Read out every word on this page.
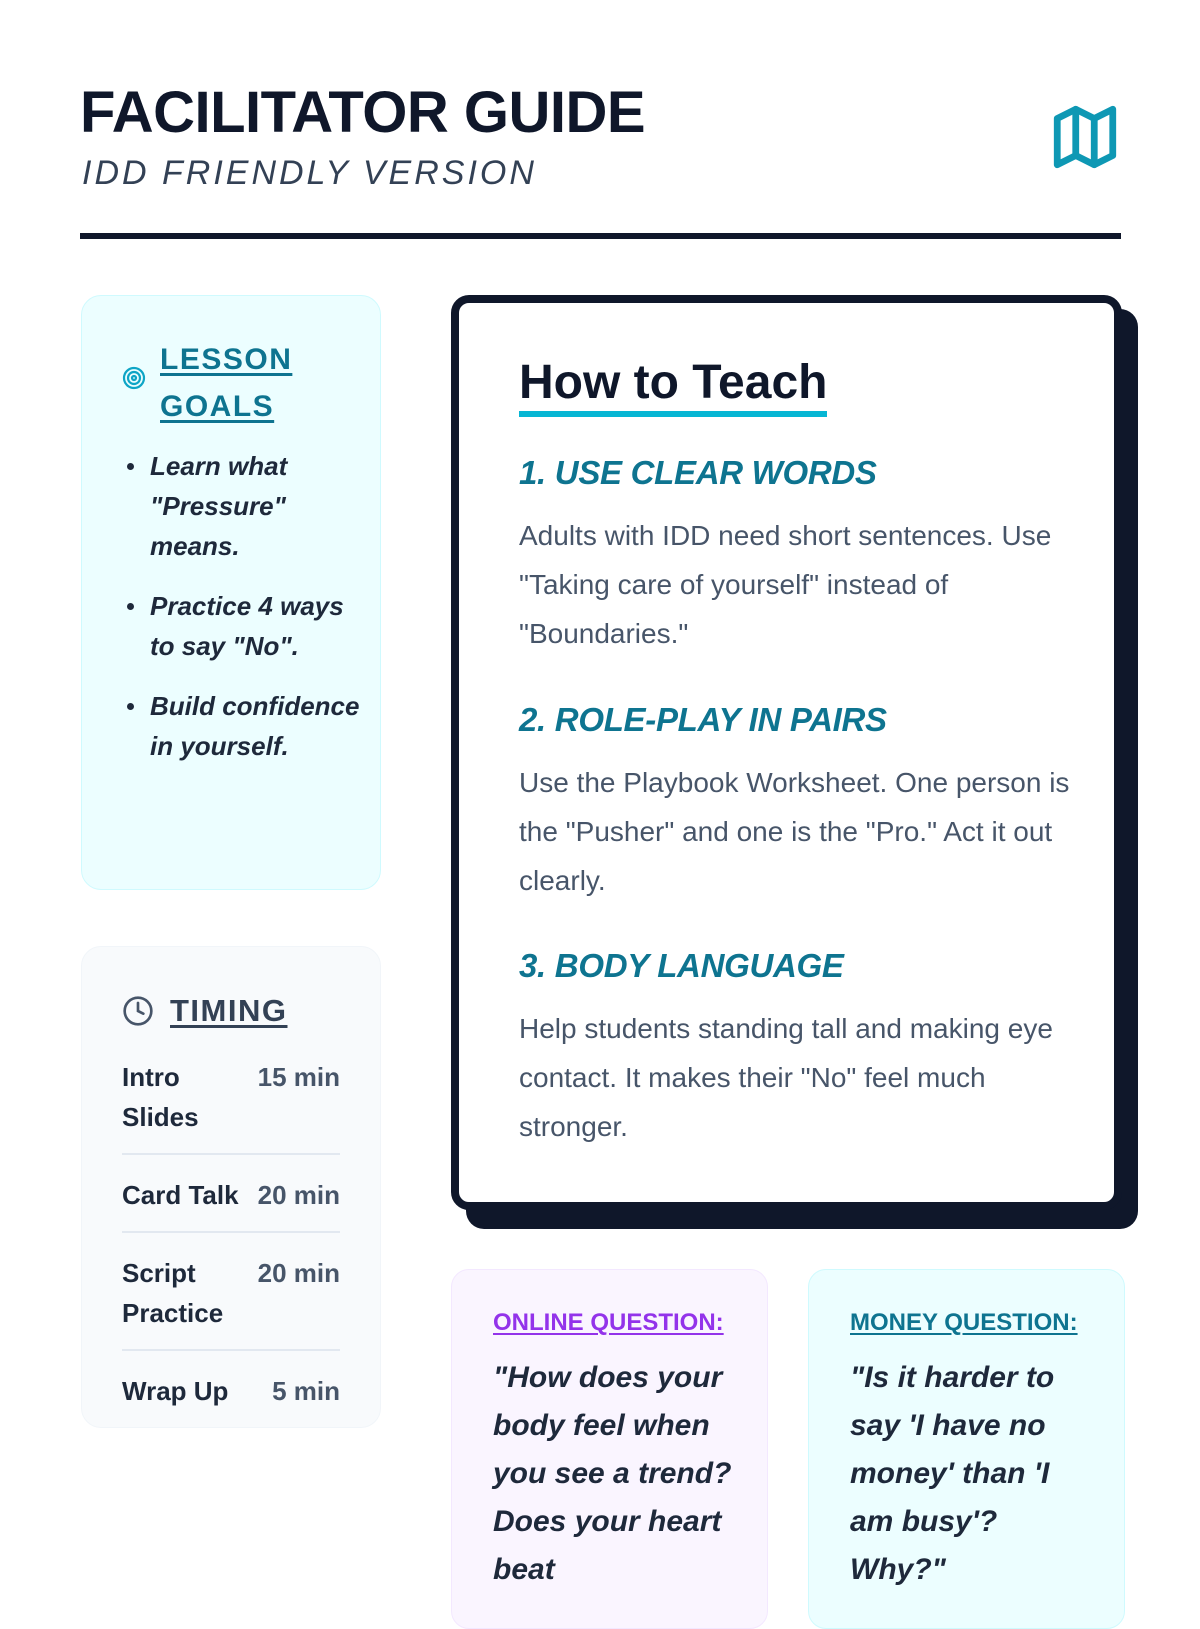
FACILITATOR GUIDE
IDD FRIENDLY VERSION
LESSON GOALS
Learn what "Pressure" means.
Practice 4 ways to say "No".
Build confidence in yourself.
TIMING
Intro Slides
15 min
Card Talk 20 min
Script Practice
20 min
Wrap Up 5 min
How to Teach
1. USE CLEAR WORDS

Adults with IDD need short sentences. Use "Taking care of yourself" instead of "Boundaries."

2. ROLE-PLAY IN PAIRS

Use the Playbook Worksheet. One person is the "Pusher" and one is the "Pro." Act it out clearly.

3. BODY LANGUAGE

Help students standing tall and making eye contact. It makes their "No" feel much stronger.

ONLINE QUESTION:
"How does your body feel when you see a trend? Does your heart beat
MONEY QUESTION:
"Is it harder to say 'I have no money' than 'I am busy'? Why?"
